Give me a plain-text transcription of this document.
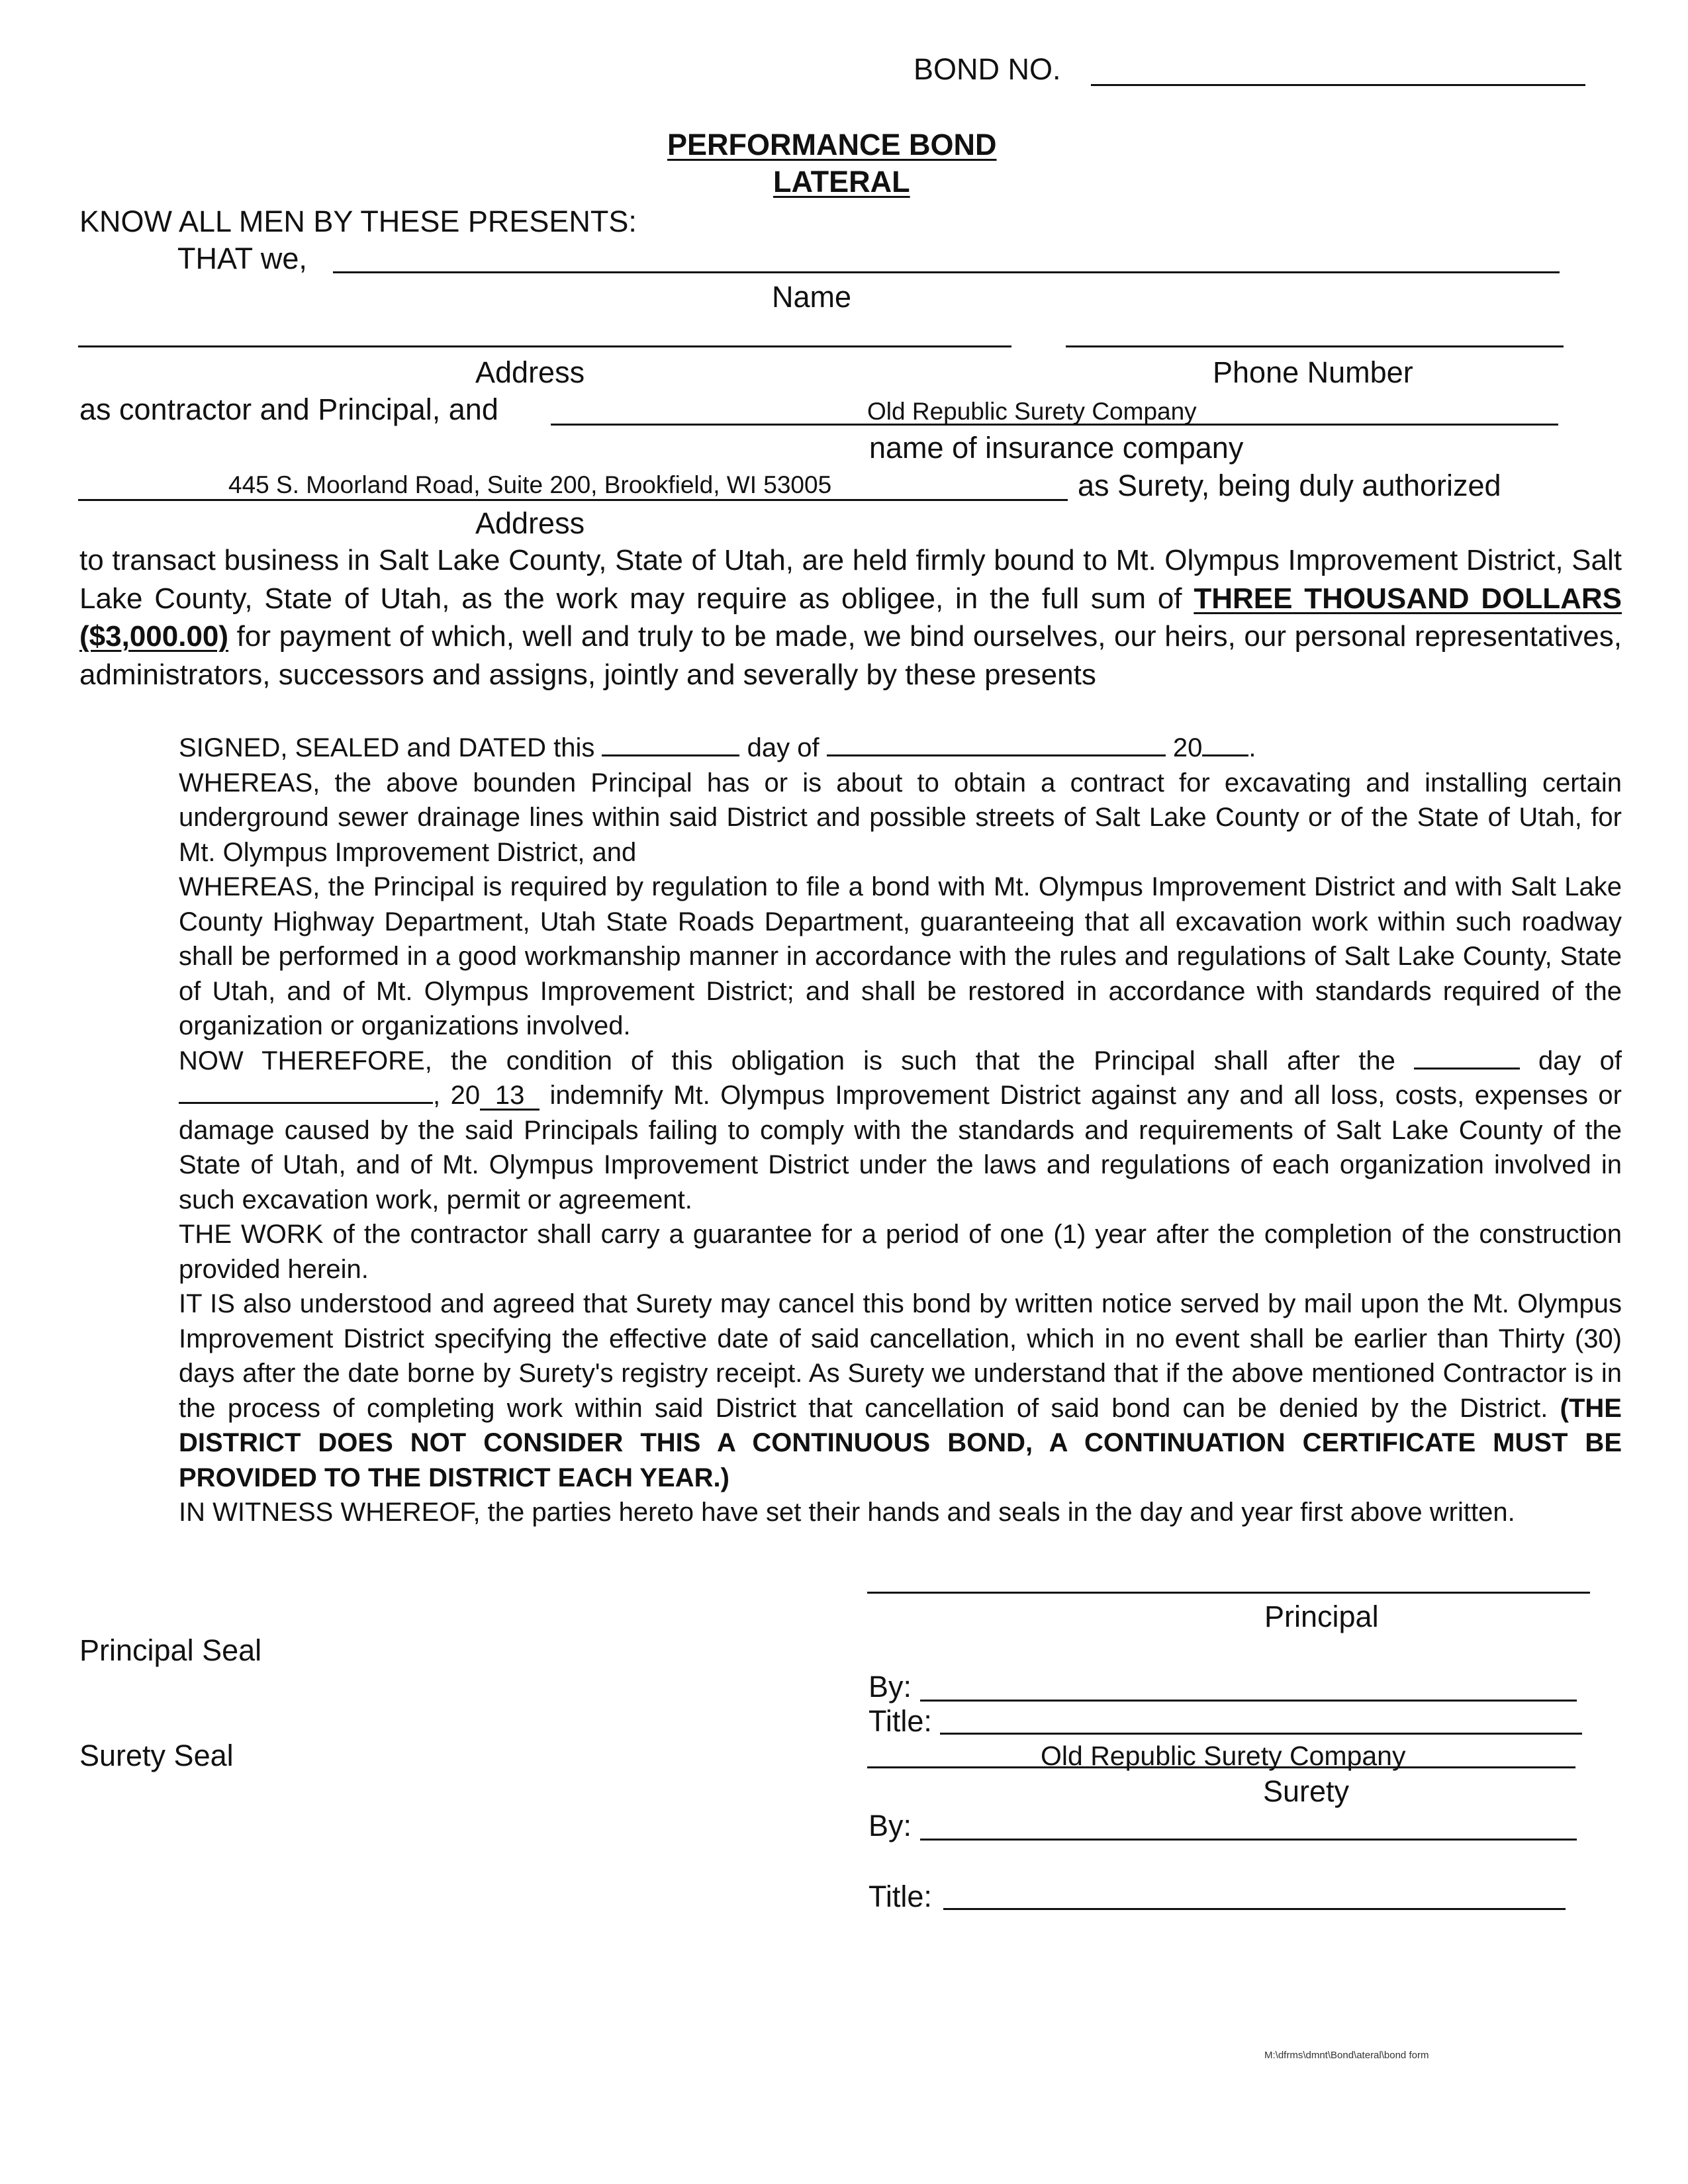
BOND NO.
PERFORMANCE BOND
LATERAL
KNOW ALL MEN BY THESE PRESENTS:
THAT we,
Name
Address	Phone Number
as contractor and Principal, and	Old Republic Surety Company
name of insurance company
445 S. Moorland Road, Suite 200, Brookfield, WI 53005	as Surety, being duly authorized
Address

to transact business in Salt Lake County, State of Utah, are held firmly bound to Mt. Olympus Improvement District, Salt Lake County, State of Utah, as the work may require as obligee, in the full sum of THREE THOUSAND DOLLARS ($3,000.00) for payment of which, well and truly to be made, we bind ourselves, our heirs, our personal representatives, administrators, successors and assigns, jointly and severally by these presents

SIGNED, SEALED and DATED this	day of	20 .

WHEREAS, the above bounden Principal has or is about to obtain a contract for excavating and installing certain underground sewer drainage lines within said District and possible streets of Salt Lake County or of the State of Utah, for Mt. Olympus Improvement District, and

WHEREAS, the Principal is required by regulation to file a bond with Mt. Olympus Improvement District and with Salt Lake County Highway Department, Utah State Roads Department, guaranteeing that all excavation work within such roadway shall be performed in a good workmanship manner in accordance with the rules and regulations of Salt Lake County, State of Utah, and of Mt. Olympus Improvement District; and shall be restored in accordance with standards required of the organization or organizations involved.

NOW THEREFORE, the condition of this obligation is such that the Principal shall after the	day of , 20 13 indemnify Mt. Olympus Improvement District against any and all loss, costs, expenses or damage caused by the said Principals failing to comply with the standards and requirements of Salt Lake County of the State of Utah, and of Mt. Olympus Improvement District under the laws and regulations of each organization involved in such excavation work, permit or agreement.

THE WORK of the contractor shall carry a guarantee for a period of one (1) year after the completion of the construction provided herein.

IT IS also understood and agreed that Surety may cancel this bond by written notice served by mail upon the Mt. Olympus Improvement District specifying the effective date of said cancellation, which in no event shall be earlier than Thirty (30) days after the date borne by Surety's registry receipt. As Surety we understand that if the above mentioned Contractor is in the process of completing work within said District that cancellation of said bond can be denied by the District. (THE DISTRICT DOES NOT CONSIDER THIS A CONTINUOUS BOND, A CONTINUATION CERTIFICATE MUST BE PROVIDED TO THE DISTRICT EACH YEAR.)

IN WITNESS WHEREOF, the parties hereto have set their hands and seals in the day and year first above written.

Principal
Principal Seal
By:
Title:
Surety Seal	Old Republic Surety Company
Surety
By:
Title:
M:\dfrms\dmnt\Bond\ateral\bond form
